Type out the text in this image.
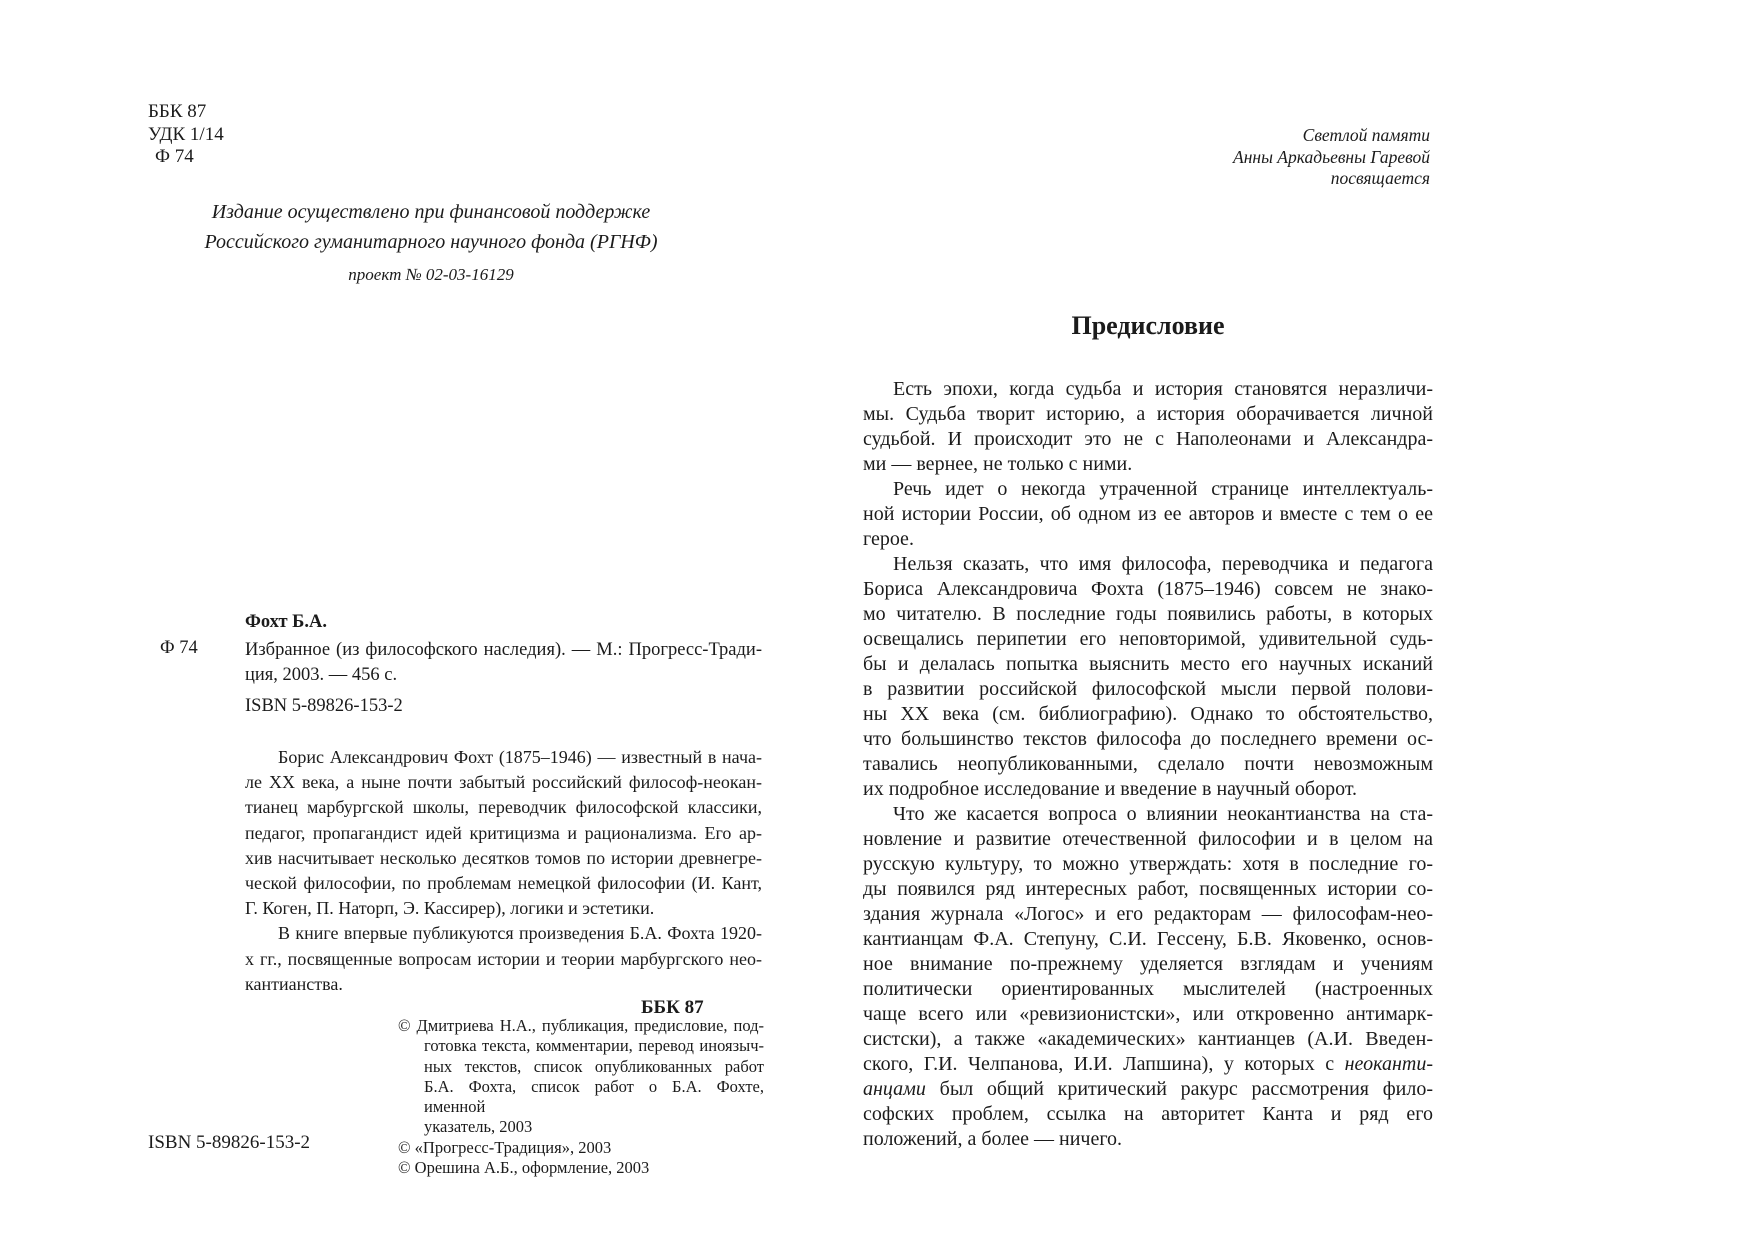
ББК 87
УДК 1/14
Ф 74
Издание осуществлено при финансовой поддержке
Российского гуманитарного научного фонда (РГНФ)
проект № 02-03-16129
Фохт Б.А.
Ф 74	Избранное (из философского наследия). — М.: Прогресс-Тради-
ция, 2003. — 456 с.
ISBN 5-89826-153-2
Борис Александрович Фохт (1875–1946) — известный в нача-
ле ХХ века, а ныне почти забытый российский философ-неокан-
тианец марбургской школы, переводчик философской классики,
педагог, пропагандист идей критицизма и рационализма. Его ар-
хив насчитывает несколько десятков томов по истории древнегре-
ческой философии, по проблемам немецкой философии (И. Кант,
Г. Коген, П. Наторп, Э. Кассирер), логики и эстетики.
В книге впервые публикуются произведения Б.А. Фохта 1920-
х гг., посвященные вопросам истории и теории марбургского нео-
кантианства.
ББК 87
© Дмитриева Н.А., публикация, предисловие, под-
готовка текста, комментарии, перевод иноязыч-
ных текстов, список опубликованных работ
Б.А. Фохта, список работ о Б.А. Фохте, именной
указатель, 2003
© «Прогресс-Традиция», 2003
© Орешина А.Б., оформление, 2003
ISBN 5-89826-153-2
Светлой памяти
Анны Аркадьевны Гаревой
посвящается
Предисловие
Есть эпохи, когда судьба и история становятся неразличи-
мы. Судьба творит историю, а история оборачивается личной
судьбой. И происходит это не с Наполеонами и Александра-
ми — вернее, не только с ними.
Речь идет о некогда утраченной странице интеллектуаль-
ной истории России, об одном из ее авторов и вместе с тем о ее
герое.
Нельзя сказать, что имя философа, переводчика и педагога
Бориса Александровича Фохта (1875–1946) совсем не знако-
мо читателю. В последние годы появились работы, в которых
освещались перипетии его неповторимой, удивительной судь-
бы и делалась попытка выяснить место его научных исканий
в развитии российской философской мысли первой полови-
ны ХХ века (см. библиографию). Однако то обстоятельство,
что большинство текстов философа до последнего времени ос-
тавались неопубликованными, сделало почти невозможным
их подробное исследование и введение в научный оборот.
Что же касается вопроса о влиянии неокантианства на ста-
новление и развитие отечественной философии и в целом на
русскую культуру, то можно утверждать: хотя в последние го-
ды появился ряд интересных работ, посвященных истории со-
здания журнала «Логос» и его редакторам — философам-нео-
кантианцам Ф.А. Степуну, С.И. Гессену, Б.В. Яковенко, основ-
ное внимание по-прежнему уделяется взглядам и учениям
политически ориентированных мыслителей (настроенных
чаще всего или «ревизионистски», или откровенно антимарк-
систски), а также «академических» кантианцев (А.И. Введен-
ского, Г.И. Челпанова, И.И. Лапшина), у которых с неоканти-
анцами был общий критический ракурс рассмотрения фило-
софских проблем, ссылка на авторитет Канта и ряд его
положений, а более — ничего.
